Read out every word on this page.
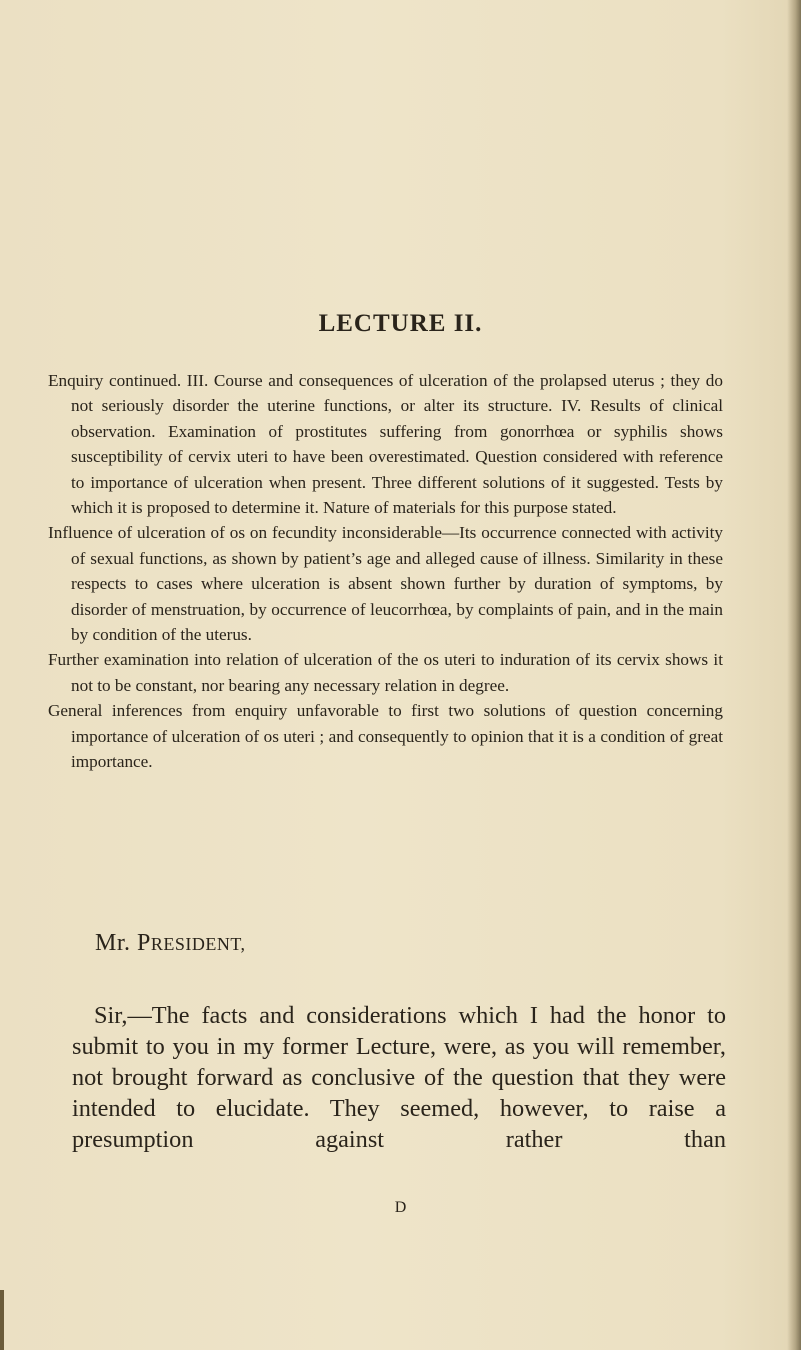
LECTURE II.

Enquiry continued. III. Course and consequences of ulceration of the prolapsed uterus ; they do not seriously disorder the uterine functions, or alter its structure. IV. Results of clinical observation. Examination of prostitutes suffering from gonorrhœa or syphilis shows susceptibility of cervix uteri to have been overestimated. Question considered with reference to importance of ulceration when present. Three different solutions of it suggested. Tests by which it is proposed to determine it. Nature of materials for this purpose stated.

Influence of ulceration of os on fecundity inconsiderable—Its occurrence connected with activity of sexual functions, as shown by patient’s age and alleged cause of illness. Similarity in these respects to cases where ulceration is absent shown further by duration of symptoms, by disorder of menstruation, by occurrence of leucorrhœa, by complaints of pain, and in the main by condition of the uterus.

Further examination into relation of ulceration of the os uteri to induration of its cervix shows it not to be constant, nor bearing any necessary relation in degree.

General inferences from enquiry unfavorable to first two solutions of question concerning importance of ulceration of os uteri ; and consequently to opinion that it is a condition of great importance.

Mr. PRESIDENT,
Sir,—The facts and considerations which I had the honor to submit to you in my former Lecture, were, as you will remember, not brought forward as conclusive of the question that they were intended to elucidate. They seemed, however, to raise a presumption against rather than
D
